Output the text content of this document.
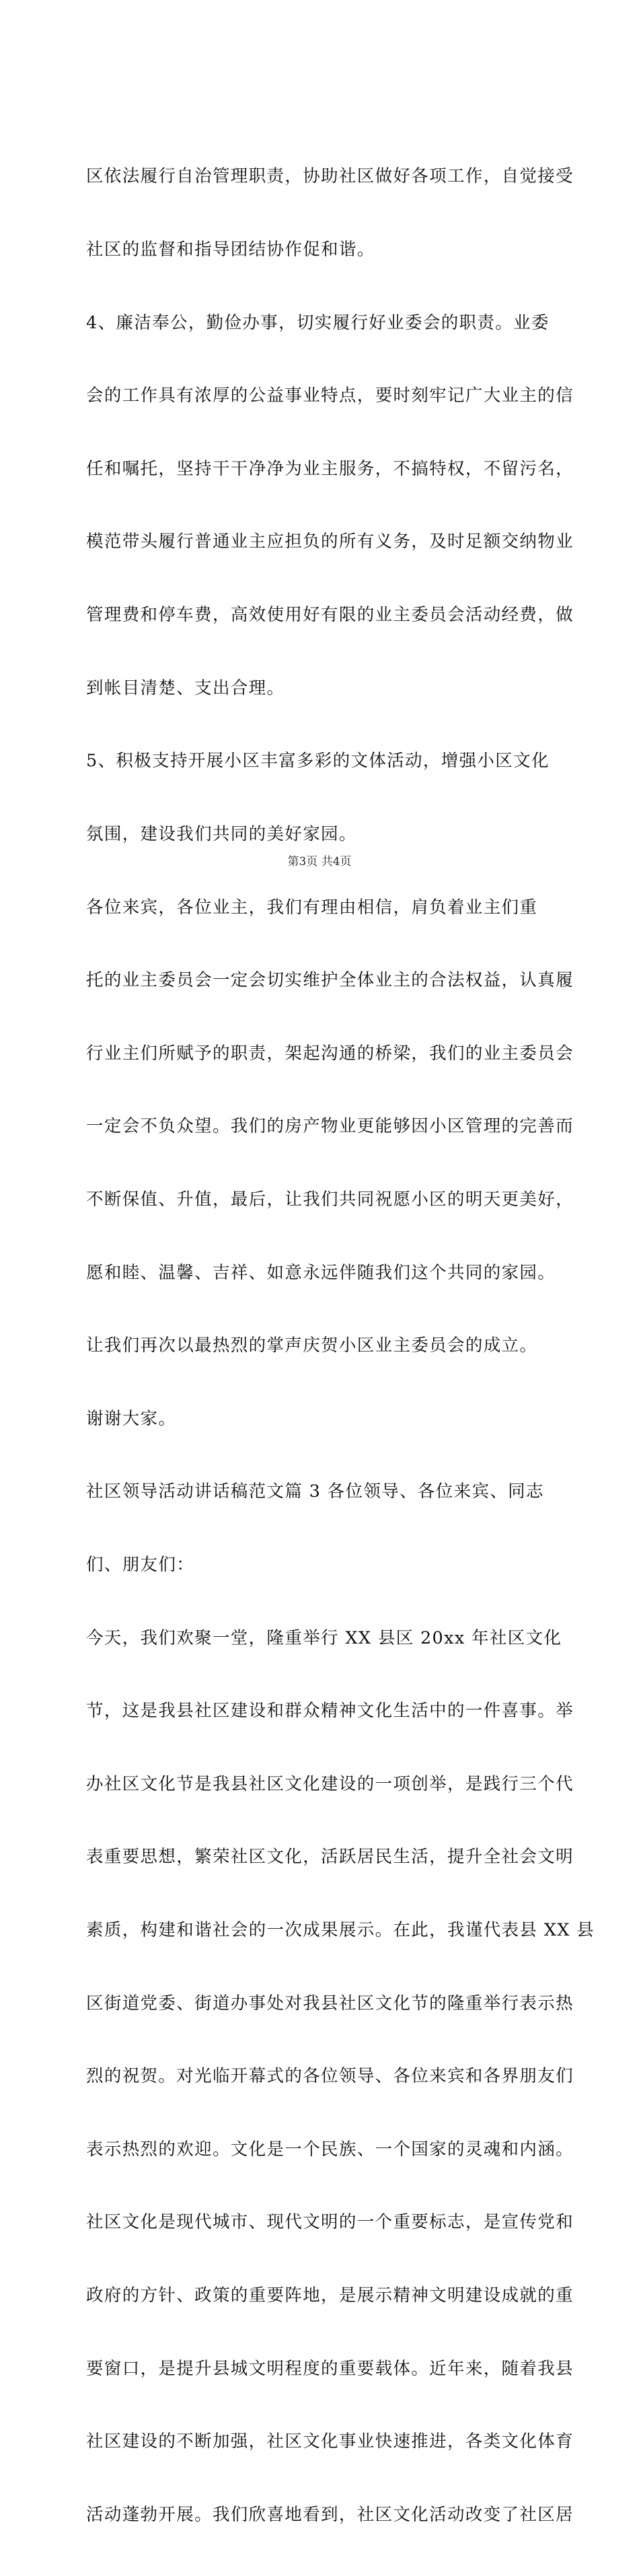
区依法履行自治管理职责，协助社区做好各项工作，自觉接受

社区的监督和指导团结协作促和谐。

4、廉洁奉公，勤俭办事，切实履行好业委会的职责。业委

会的工作具有浓厚的公益事业特点，要时刻牢记广大业主的信

任和嘱托，坚持干干净净为业主服务，不搞特权，不留污名，

模范带头履行普通业主应担负的所有义务，及时足额交纳物业

管理费和停车费，高效使用好有限的业主委员会活动经费，做

到帐目清楚、支出合理。

5、积极支持开展小区丰富多彩的文体活动，增强小区文化

氛围，建设我们共同的美好家园。

各位来宾，各位业主，我们有理由相信，肩负着业主们重

托的业主委员会一定会切实维护全体业主的合法权益，认真履

行业主们所赋予的职责，架起沟通的桥梁，我们的业主委员会

一定会不负众望。我们的房产物业更能够因小区管理的完善而

不断保值、升值，最后，让我们共同祝愿小区的明天更美好，

愿和睦、温馨、吉祥、如意永远伴随我们这个共同的家园。

让我们再次以最热烈的掌声庆贺小区业主委员会的成立。

谢谢大家。

社区领导活动讲话稿范文篇 3 各位领导、各位来宾、同志

们、朋友们：

今天，我们欢聚一堂，隆重举行 XX 县区 20xx 年社区文化

节，这是我县社区建设和群众精神文化生活中的一件喜事。举

办社区文化节是我县社区文化建设的一项创举，是践行三个代

表重要思想，繁荣社区文化，活跃居民生活，提升全社会文明

素质，构建和谐社会的一次成果展示。在此，我谨代表县 XX 县

区街道党委、街道办事处对我县社区文化节的隆重举行表示热

烈的祝贺。对光临开幕式的各位领导、各位来宾和各界朋友们

表示热烈的欢迎。文化是一个民族、一个国家的灵魂和内涵。

社区文化是现代城市、现代文明的一个重要标志，是宣传党和

政府的方针、政策的重要阵地，是展示精神文明建设成就的重

要窗口，是提升县城文明程度的重要载体。近年来，随着我县

社区建设的不断加强，社区文化事业快速推进，各类文化体育

活动蓬勃开展。我们欣喜地看到，社区文化活动改变了社区居

第3页 共4页
